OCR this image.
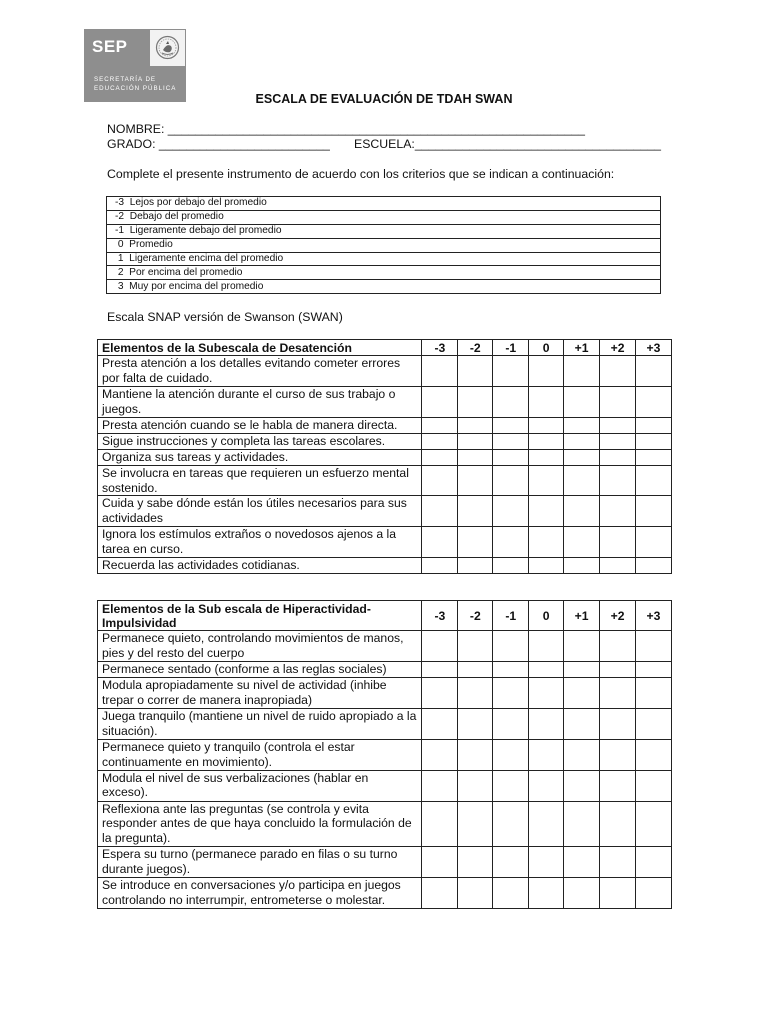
SEP
SECRETARÍA DE
EDUCACIÓN PÚBLICA
ESCALA DE EVALUACIÓN DE TDAH SWAN
NOMBRE: _____________________________________________________________
GRADO: _________________________ ESCUELA:____________________________________
Complete el presente instrumento de acuerdo con los criterios que se indican a continuación:
-3  Lejos por debajo del promedio
-2  Debajo del promedio
-1  Ligeramente debajo del promedio
0  Promedio
1  Ligeramente encima del promedio
2  Por encima del promedio
3  Muy por encima del promedio
Escala SNAP versión de Swanson (SWAN)
Elementos de la Subescala de Desatención	-3	-2	-1	0	+1	+2	+3
Presta atención a los detalles evitando cometer errores por falta de cuidado.							
Mantiene la atención durante el curso de sus trabajo o juegos.							
Presta atención cuando se le habla de manera directa.							
Sigue instrucciones y completa las tareas escolares.							
Organiza sus tareas y actividades.							
Se involucra en tareas que requieren un esfuerzo mental sostenido.							
Cuida y sabe dónde están los útiles necesarios para sus actividades							
Ignora los estímulos extraños o novedosos ajenos a la tarea en curso.							
Recuerda las actividades cotidianas.							
Elementos de la Sub escala de Hiperactividad-Impulsividad	-3	-2	-1	0	+1	+2	+3
Permanece quieto, controlando movimientos de manos, pies y del resto del cuerpo							
Permanece sentado (conforme a las reglas sociales)							
Modula apropiadamente su nivel de actividad (inhibe trepar o correr de manera inapropiada)							
Juega tranquilo (mantiene un nivel de ruido apropiado a la situación).							
Permanece quieto y tranquilo (controla el estar continuamente en movimiento).							
Modula el nivel de sus verbalizaciones (hablar en exceso).							
Reflexiona ante las preguntas (se controla y evita responder antes de que haya concluido la formulación de la pregunta).							
Espera su turno (permanece parado en filas o su turno durante juegos).							
Se introduce en conversaciones y/o participa en juegos controlando no interrumpir, entrometerse o molestar.							
